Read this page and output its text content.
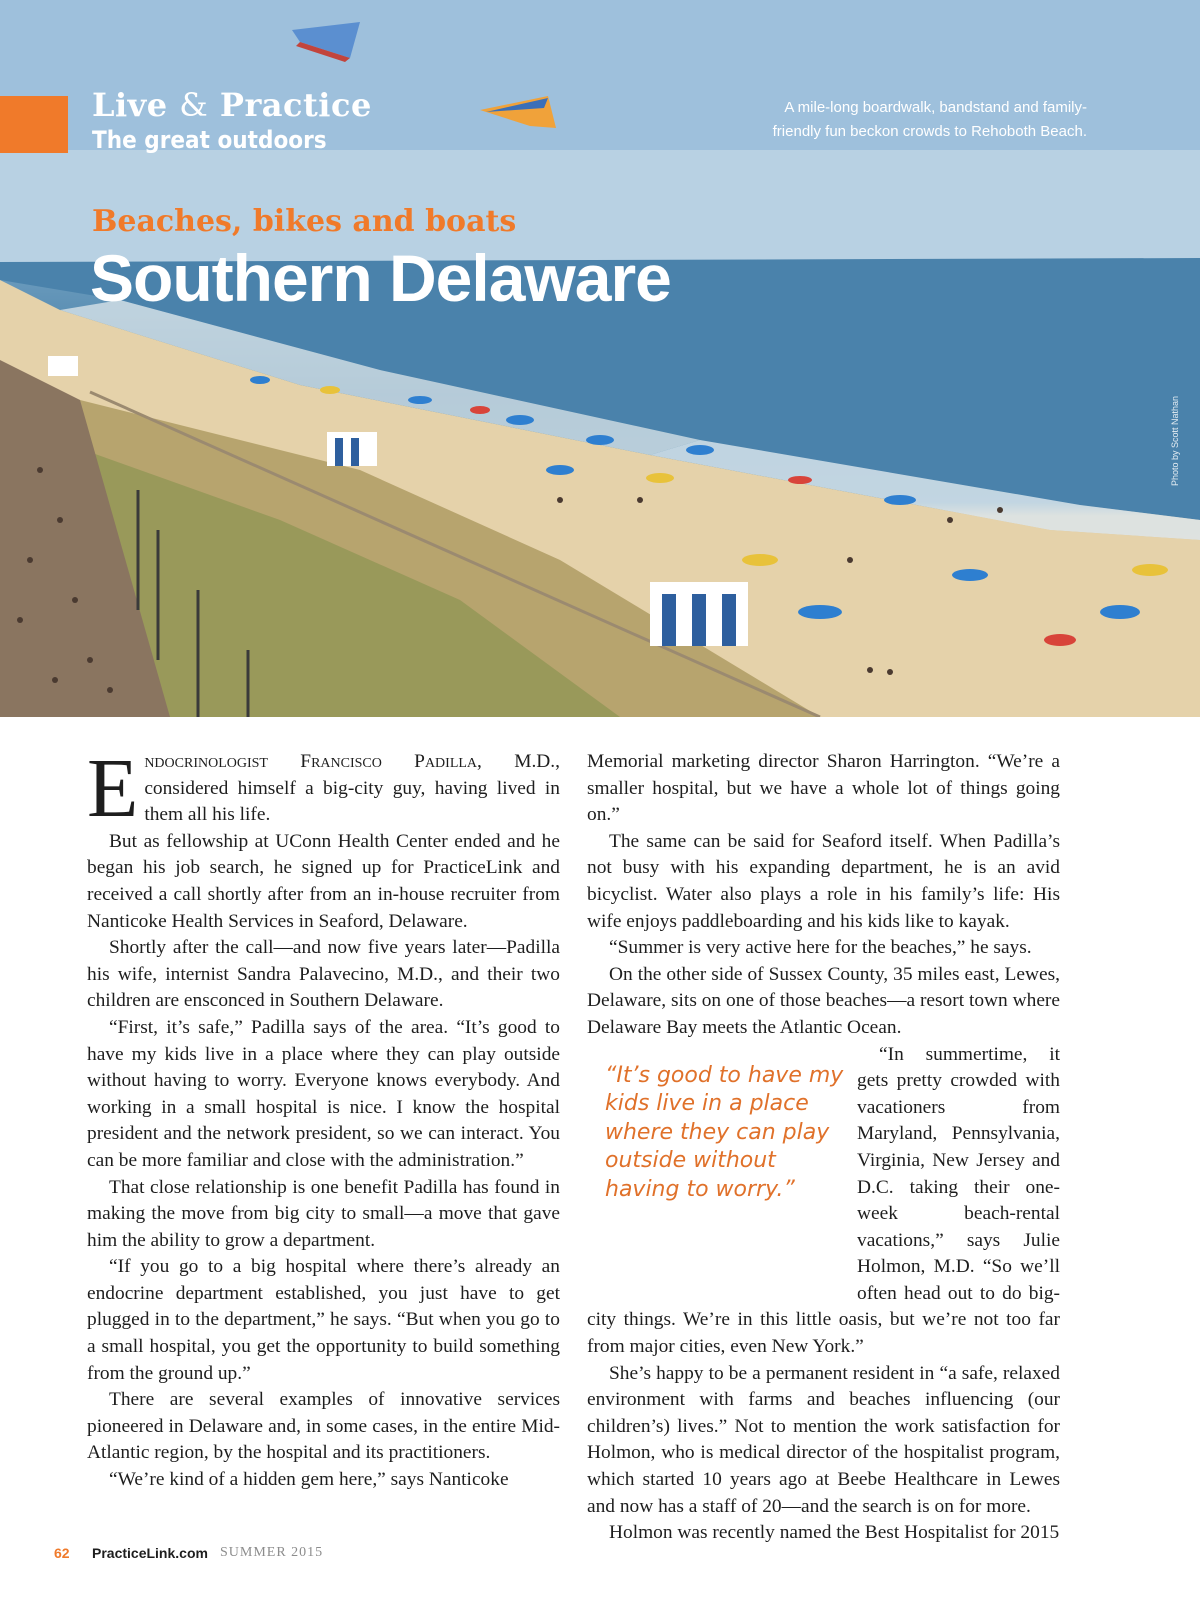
Live & Practice
The great outdoors
A mile-long boardwalk, bandstand and family-friendly fun beckon crowds to Rehoboth Beach.
Beaches, bikes and boats
Southern Delaware
Photo by Scott Nathan

Endocrinologist Francisco Padilla, M.D., considered himself a big-city guy, having lived in them all his life.

But as fellowship at UConn Health Center ended and he began his job search, he signed up for PracticeLink and received a call shortly after from an in-house recruiter from Nanticoke Health Services in Seaford, Delaware.

Shortly after the call—and now five years later—Padilla his wife, internist Sandra Palavecino, M.D., and their two children are ensconced in Southern Delaware.

“First, it’s safe,” Padilla says of the area. “It’s good to have my kids live in a place where they can play outside without having to worry. Everyone knows everybody. And working in a small hospital is nice. I know the hospital president and the network president, so we can interact. You can be more familiar and close with the administration.”

That close relationship is one benefit Padilla has found in making the move from big city to small—a move that gave him the ability to grow a department.

“If you go to a big hospital where there’s already an endocrine department established, you just have to get plugged in to the department,” he says. “But when you go to a small hospital, you get the opportunity to build something from the ground up.”

There are several examples of innovative services pioneered in Delaware and, in some cases, in the entire Mid-Atlantic region, by the hospital and its practitioners.

“We’re kind of a hidden gem here,” says Nanticoke

Memorial marketing director Sharon Harrington. “We’re a smaller hospital, but we have a whole lot of things going on.”

The same can be said for Seaford itself. When Padilla’s not busy with his expanding department, he is an avid bicyclist. Water also plays a role in his family’s life: His wife enjoys paddleboarding and his kids like to kayak.

“Summer is very active here for the beaches,” he says.

On the other side of Sussex County, 35 miles east, Lewes, Delaware, sits on one of those beaches—a resort town where Delaware Bay meets the Atlantic Ocean.

“It’s good to have my kids live in a place where they can play outside without having to worry.”

“In summertime, it gets pretty crowded with vacationers from Maryland, Pennsylvania, Virginia, New Jersey and D.C. taking their one-week beach-rental vacations,” says Julie Holmon, M.D. “So we’ll often head out to do big-city things. We’re in this little oasis, but we’re not too far from major cities, even New York.”

She’s happy to be a permanent resident in “a safe, relaxed environment with farms and beaches influencing (our children’s) lives.” Not to mention the work satisfaction for Holmon, who is medical director of the hospitalist program, which started 10 years ago at Beebe Healthcare in Lewes and now has a staff of 20—and the search is on for more.

Holmon was recently named the Best Hospitalist for 2015

62 PracticeLink.com SUMMER 2015
